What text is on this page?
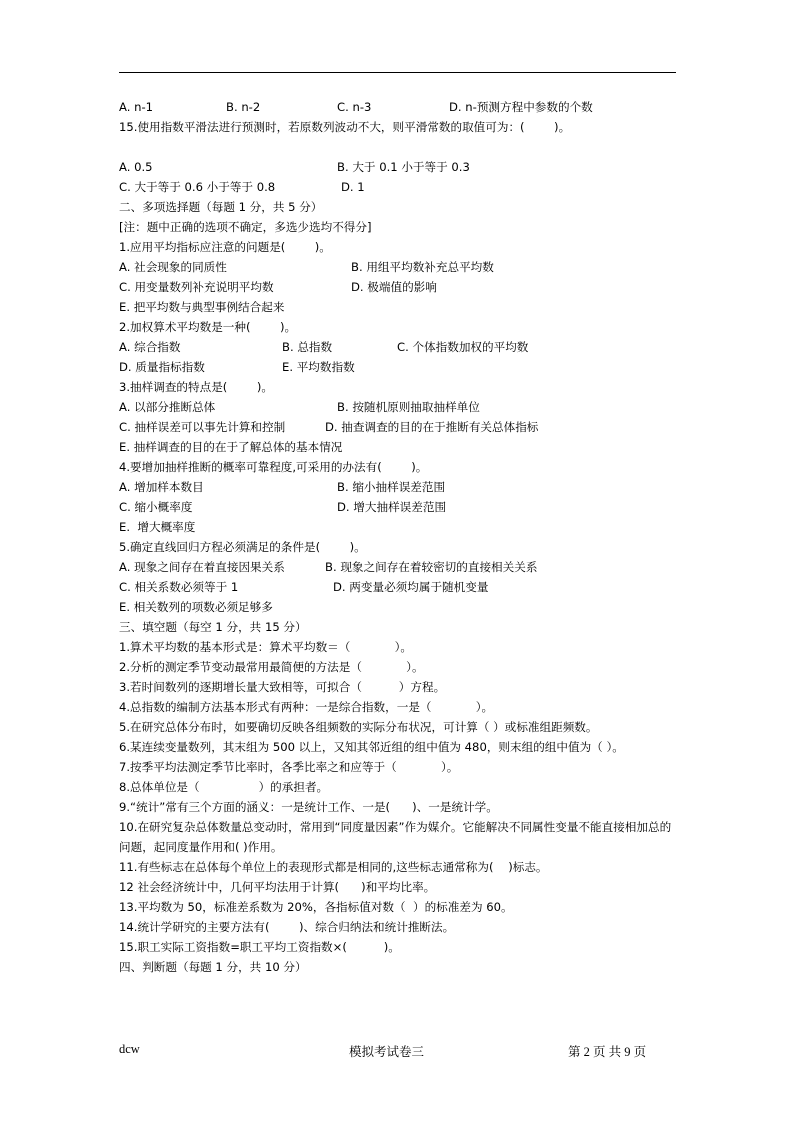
A. n-1	B. n-2	C. n-3	D. n-预测方程中参数的个数
15.使用指数平滑法进行预测时，若原数列波动不大，则平滑常数的取值可为：(        )。
A. 0.5	B. 大于 0.1 小于等于 0.3
C. 大于等于 0.6 小于等于 0.8	D. 1
二、多项选择题（每题 1 分，共 5 分）
[注：题中正确的选项不确定，多选少选均不得分]
1.应用平均指标应注意的问题是(        )。
A. 社会现象的同质性	B. 用组平均数补充总平均数
C. 用变量数列补充说明平均数	D. 极端值的影响
E. 把平均数与典型事例结合起来
2.加权算术平均数是一种(        )。
A. 综合指数	B. 总指数	C. 个体指数加权的平均数
D. 质量指标指数	E. 平均数指数
3.抽样调查的特点是(        )。
A. 以部分推断总体	B. 按随机原则抽取抽样单位
C. 抽样误差可以事先计算和控制	D. 抽查调查的目的在于推断有关总体指标
E. 抽样调查的目的在于了解总体的基本情况
4.要增加抽样推断的概率可靠程度,可采用的办法有(        )。
A. 增加样本数目	B. 缩小抽样误差范围
C. 缩小概率度	D. 增大抽样误差范围
E.  增大概率度
5.确定直线回归方程必须满足的条件是(        )。
A. 现象之间存在着直接因果关系	B. 现象之间存在着较密切的直接相关关系
C. 相关系数必须等于 1	D. 两变量必须均属于随机变量
E. 相关数列的项数必须足够多
三、填空题（每空 1 分，共 15 分）
1.算术平均数的基本形式是：算术平均数＝（            ）。
2.分析的测定季节变动最常用最简便的方法是（            ）。
3.若时间数列的逐期增长量大致相等，可拟合（          ）方程。
4.总指数的编制方法基本形式有两种：一是综合指数，一是（            ）。
5.在研究总体分布时，如要确切反映各组频数的实际分布状况，可计算（ ）或标准组距频数。
6.某连续变量数列，其末组为 500 以上，又知其邻近组的组中值为 480，则末组的组中值为（ ）。
7.按季平均法测定季节比率时，各季比率之和应等于（            ）。
8.总体单位是（                ）的承担者。
9.“统计”常有三个方面的涵义：一是统计工作、一是(      )、一是统计学。
10.在研究复杂总体数量总变动时，常用到“同度量因素”作为媒介。它能解决不同属性变量不能直接相加总的问题，起同度量作用和( )作用。
11.有些标志在总体每个单位上的表现形式都是相同的,这些标志通常称为(    )标志。
12 社会经济统计中，几何平均法用于计算(      )和平均比率。
13.平均数为 50，标准差系数为 20%，各指标值对数（  ）的标准差为 60。
14.统计学研究的主要方法有(        )、综合归纳法和统计推断法。
15.职工实际工资指数=职工平均工资指数×(          )。
四、判断题（每题 1 分，共 10 分）
dcw	模拟考试卷三	第 2 页 共 9 页
